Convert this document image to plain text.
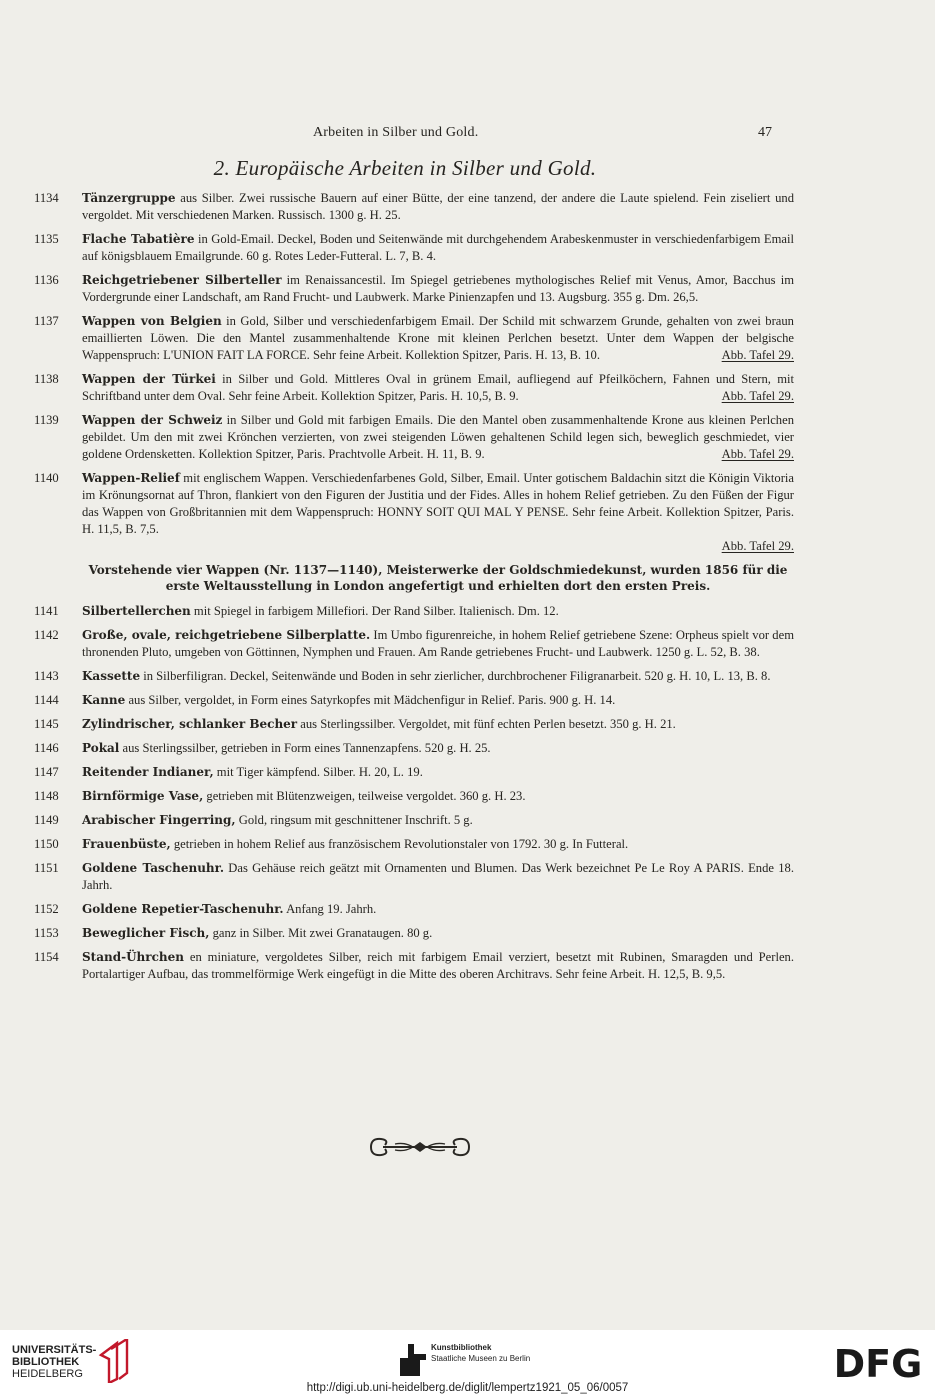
Arbeiten in Silber und Gold.	47
2. Europäische Arbeiten in Silber und Gold.
1134	Tänzergruppe aus Silber. Zwei russische Bauern auf einer Bütte, der eine tanzend, der andere die Laute spielend. Fein ziseliert und vergoldet. Mit verschiedenen Marken. Russisch. 1300 g. H. 25.
1135	Flache Tabatière in Gold-Email. Deckel, Boden und Seitenwände mit durchgehendem Arabeskenmuster in verschiedenfarbigem Email auf königsblauem Emailgrunde. 60 g. Rotes Leder-Futteral. L. 7, B. 4.
1136	Reichgetriebener Silberteller im Renaissancestil. Im Spiegel getriebenes mythologisches Relief mit Venus, Amor, Bacchus im Vordergrunde einer Landschaft, am Rand Frucht- und Laubwerk. Marke Pinienzapfen und 13. Augsburg. 355 g. Dm. 26,5.
1137	Wappen von Belgien in Gold, Silber und verschiedenfarbigem Email. Der Schild mit schwarzem Grunde, gehalten von zwei braun emaillierten Löwen. Die den Mantel zusammenhaltende Krone mit kleinen Perlchen besetzt. Unter dem Wappen der belgische Wappenspruch: L'UNION FAIT LA FORCE. Sehr feine Arbeit. Kollektion Spitzer, Paris. H. 13, B. 10.	Abb. Tafel 29.
1138	Wappen der Türkei in Silber und Gold. Mittleres Oval in grünem Email, aufliegend auf Pfeilköchern, Fahnen und Stern, mit Schriftband unter dem Oval. Sehr feine Arbeit. Kollektion Spitzer, Paris. H. 10,5, B. 9.	Abb. Tafel 29.
1139	Wappen der Schweiz in Silber und Gold mit farbigen Emails. Die den Mantel oben zusammenhaltende Krone aus kleinen Perlchen gebildet. Um den mit zwei Krönchen verzierten, von zwei steigenden Löwen gehaltenen Schild legen sich, beweglich geschmiedet, vier goldene Ordensketten. Kollektion Spitzer, Paris. Prachtvolle Arbeit. H. 11, B. 9.	Abb. Tafel 29.
1140	Wappen-Relief mit englischem Wappen. Verschiedenfarbenes Gold, Silber, Email. Unter gotischem Baldachin sitzt die Königin Viktoria im Krönungsornat auf Thron, flankiert von den Figuren der Justitia und der Fides. Alles in hohem Relief getrieben. Zu den Füßen der Figur das Wappen von Großbritannien mit dem Wappenspruch: HONNY SOIT QUI MAL Y PENSE. Sehr feine Arbeit. Kollektion Spitzer, Paris. H. 11,5, B. 7,5.
Abb. Tafel 29.
Vorstehende vier Wappen (Nr. 1137—1140), Meisterwerke der Goldschmiedekunst, wurden 1856 für die erste Weltausstellung in London angefertigt und erhielten dort den ersten Preis.
1141	Silbertellerchen mit Spiegel in farbigem Millefiori. Der Rand Silber. Italienisch. Dm. 12.
1142	Große, ovale, reichgetriebene Silberplatte. Im Umbo figurenreiche, in hohem Relief getriebene Szene: Orpheus spielt vor dem thronenden Pluto, umgeben von Göttinnen, Nymphen und Frauen. Am Rande getriebenes Frucht- und Laubwerk. 1250 g. L. 52, B. 38.
1143	Kassette in Silberfiligran. Deckel, Seitenwände und Boden in sehr zierlicher, durchbrochener Filigranarbeit. 520 g. H. 10, L. 13, B. 8.
1144	Kanne aus Silber, vergoldet, in Form eines Satyrkopfes mit Mädchenfigur in Relief. Paris. 900 g. H. 14.
1145	Zylindrischer, schlanker Becher aus Sterlingssilber. Vergoldet, mit fünf echten Perlen besetzt. 350 g. H. 21.
1146	Pokal aus Sterlingssilber, getrieben in Form eines Tannenzapfens. 520 g. H. 25.
1147	Reitender Indianer, mit Tiger kämpfend. Silber. H. 20, L. 19.
1148	Birnförmige Vase, getrieben mit Blütenzweigen, teilweise vergoldet. 360 g. H. 23.
1149	Arabischer Fingerring, Gold, ringsum mit geschnittener Inschrift. 5 g.
1150	Frauenbüste, getrieben in hohem Relief aus französischem Revolutionstaler von 1792. 30 g. In Futteral.
1151	Goldene Taschenuhr. Das Gehäuse reich geätzt mit Ornamenten und Blumen. Das Werk bezeichnet Pe Le Roy A PARIS. Ende 18. Jahrh.
1152	Goldene Repetier-Taschenuhr. Anfang 19. Jahrh.
1153	Beweglicher Fisch, ganz in Silber. Mit zwei Granataugen. 80 g.
1154	Stand-Ührchen en miniature, vergoldetes Silber, reich mit farbigem Email verziert, besetzt mit Rubinen, Smaragden und Perlen. Portalartiger Aufbau, das trommelförmige Werk eingefügt in die Mitte des oberen Architravs. Sehr feine Arbeit. H. 12,5, B. 9,5.
UNIVERSITÄTS-
BIBLIOTHEK
HEIDELBERG
Kunstbibliothek
Staatliche Museen zu Berlin	DFG
http://digi.ub.uni-heidelberg.de/diglit/lempertz1921_05_06/0057
